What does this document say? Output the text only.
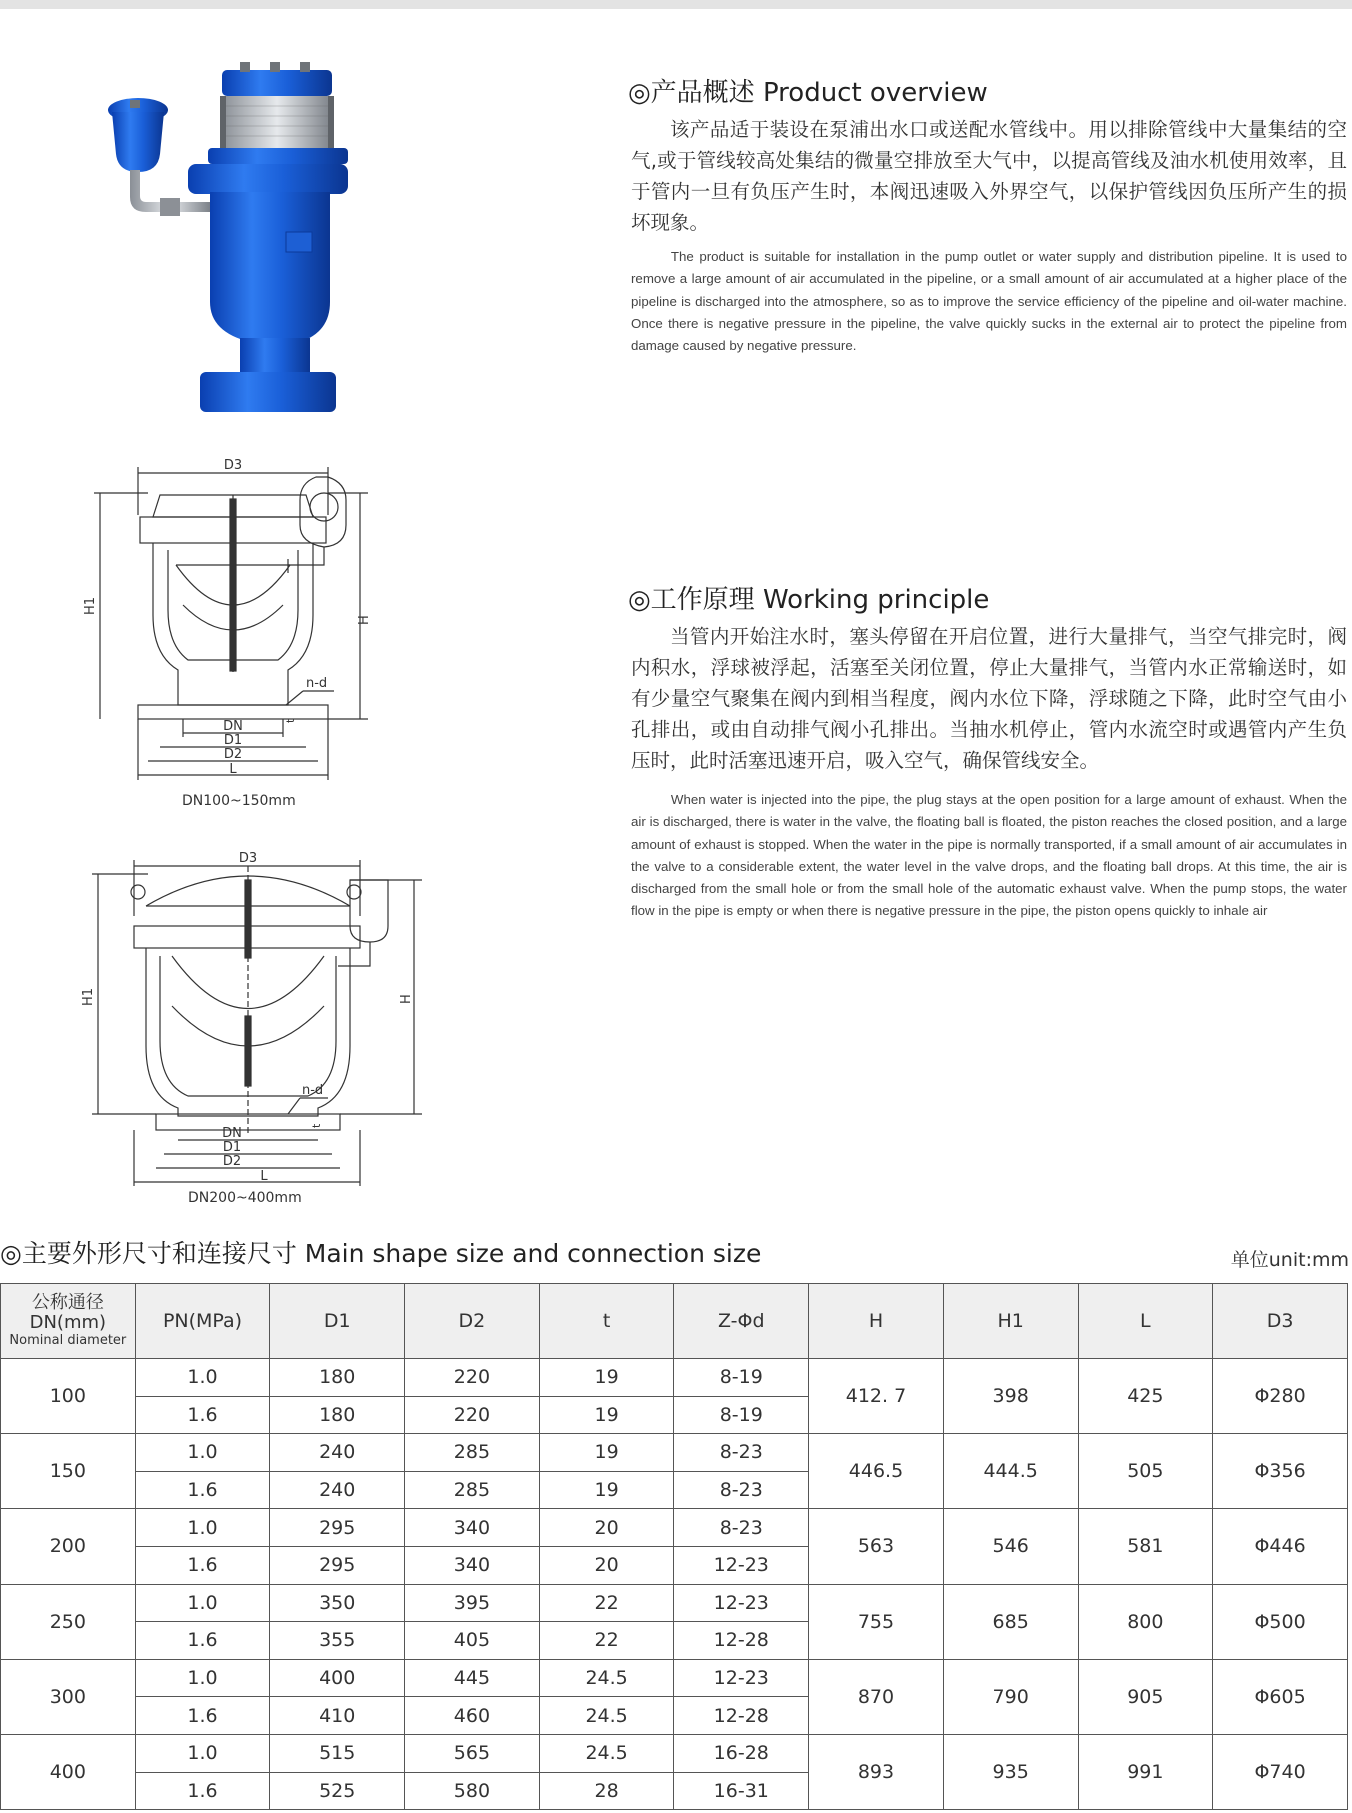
D3
H1
H
n-d
DN
D1
D2
L
t
DN100~150mm
D3
H1	H
n-d
DN
D1
D2
L
t
DN200~400mm
◎产品概述 Product overview
该产品适于装设在泵浦出水口或送配水管线中。用以排除管线中大量集结的空气,或于管线较高处集结的微量空排放至大气中，以提高管线及油水机使用效率，且于管内一旦有负压产生时，本阀迅速吸入外界空气，以保护管线因负压所产生的损坏现象。
The product is suitable for installation in the pump outlet or water supply and distribution pipeline. It is used to remove a large amount of air accumulated in the pipeline, or a small amount of air accumulated at a higher place of the pipeline is discharged into the atmosphere, so as to improve the service efficiency of the pipeline and oil-water machine. Once there is negative pressure in the pipeline, the valve quickly sucks in the external air to protect the pipeline from damage caused by negative pressure.
◎工作原理 Working principle
当管内开始注水时，塞头停留在开启位置，进行大量排气，当空气排完时，阀内积水，浮球被浮起，活塞至关闭位置，停止大量排气，当管内水正常输送时，如有少量空气聚集在阀内到相当程度，阀内水位下降，浮球随之下降，此时空气由小孔排出，或由自动排气阀小孔排出。当抽水机停止，管内水流空时或遇管内产生负压时，此时活塞迅速开启，吸入空气，确保管线安全。
When water is injected into the pipe, the plug stays at the open position for a large amount of exhaust. When the air is discharged, there is water in the valve, the floating ball is floated, the piston reaches the closed position, and a large amount of exhaust is stopped. When the water in the pipe is normally transported, if a small amount of air accumulates in the valve to a considerable extent, the water level in the valve drops, and the floating ball drops. At this time, the air is discharged from the small hole or from the small hole of the automatic exhaust valve. When the pump stops, the water flow in the pipe is empty or when there is negative pressure in the pipe, the piston opens quickly to inhale air
◎主要外形尺寸和连接尺寸 Main shape size and connection size	单位unit:mm
公称通径
DN(mm)
Nominal diameter	PN(MPa)	D1	D2	t	Z-Φd	H	H1	L	D3
100	1.0	180	220	19	8-19	412. 7	398	425	Φ280
	1.6	180	220	19	8-19				
150	1.0	240	285	19	8-23	446.5	444.5	505	Φ356
	1.6	240	285	19	8-23				
200	1.0	295	340	20	8-23	563	546	581	Φ446
	1.6	295	340	20	12-23				
250	1.0	350	395	22	12-23	755	685	800	Φ500
	1.6	355	405	22	12-28				
300	1.0	400	445	24.5	12-23	870	790	905	Φ605
	1.6	410	460	24.5	12-28				
400	1.0	515	565	24.5	16-28	893	935	991	Φ740
	1.6	525	580	28	16-31				
